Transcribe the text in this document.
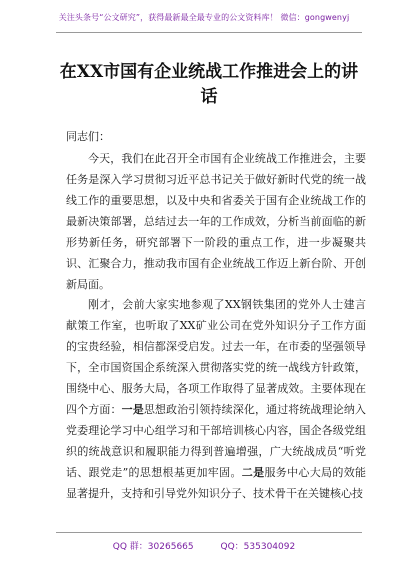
关注头条号“公文研究”，获得最新最全最专业的公文资料库！ 微信：gongwenyj
在XX市国有企业统战工作推进会上的讲话
同志们：
今天，我们在此召开全市国有企业统战工作推进会，主要任务是深入学习贯彻习近平总书记关于做好新时代党的统一战线工作的重要思想，以及中央和省委关于国有企业统战工作的最新决策部署，总结过去一年的工作成效，分析当前面临的新形势新任务，研究部署下一阶段的重点工作，进一步凝聚共识、汇聚合力，推动我市国有企业统战工作迈上新台阶、开创新局面。
刚才，会前大家实地参观了XX钢铁集团的党外人士建言献策工作室，也听取了XX矿业公司在党外知识分子工作方面的宝贵经验，相信都深受启发。过去一年，在市委的坚强领导下，全市国资国企系统深入贯彻落实党的统一战线方针政策，围绕中心、服务大局，各项工作取得了显著成效。主要体现在四个方面：一是思想政治引领持续深化，通过将统战理论纳入党委理论学习中心组学习和干部培训核心内容，国企各级党组织的统战意识和履职能力得到普遍增强，广大统战成员“听党话、跟党走”的思想根基更加牢固。二是服务中心大局的效能显著提升，支持和引导党外知识分子、技术骨干在关键核心技
QQ 群：30265665	QQ：535304092
